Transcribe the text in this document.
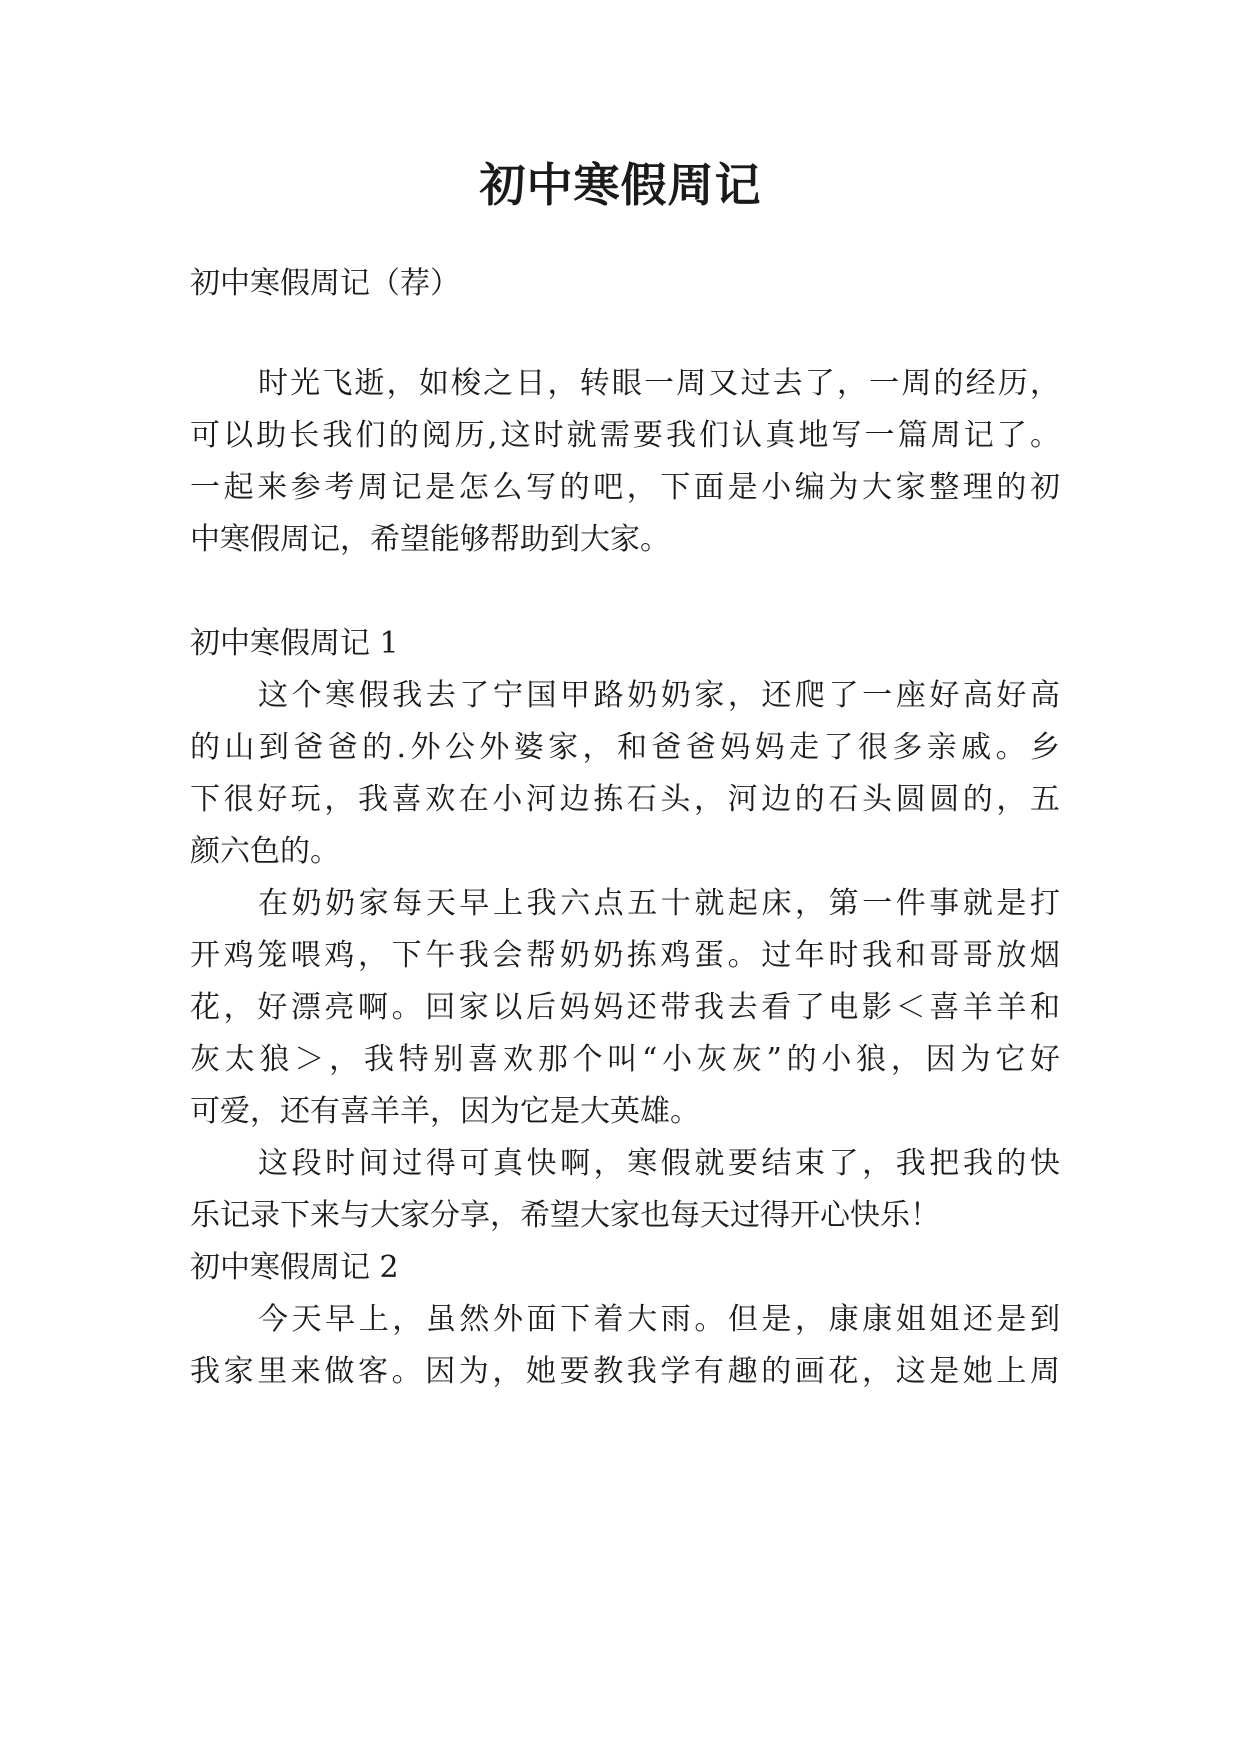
初中寒假周记
初中寒假周记（荐）
时光飞逝，如梭之日，转眼一周又过去了，一周的经历，
可以助长我们的阅历,这时就需要我们认真地写一篇周记了。
一起来参考周记是怎么写的吧，下面是小编为大家整理的初
中寒假周记，希望能够帮助到大家。
初中寒假周记 1
这个寒假我去了宁国甲路奶奶家，还爬了一座好高好高
的山到爸爸的.外公外婆家，和爸爸妈妈走了很多亲戚。乡
下很好玩，我喜欢在小河边拣石头，河边的石头圆圆的，五
颜六色的。
在奶奶家每天早上我六点五十就起床，第一件事就是打
开鸡笼喂鸡，下午我会帮奶奶拣鸡蛋。过年时我和哥哥放烟
花，好漂亮啊。回家以后妈妈还带我去看了电影＜喜羊羊和
灰太狼＞，我特别喜欢那个叫“小灰灰”的小狼，因为它好
可爱，还有喜羊羊，因为它是大英雄。
这段时间过得可真快啊，寒假就要结束了，我把我的快
乐记录下来与大家分享，希望大家也每天过得开心快乐！
初中寒假周记 2
今天早上，虽然外面下着大雨。但是，康康姐姐还是到
我家里来做客。因为，她要教我学有趣的画花，这是她上周
